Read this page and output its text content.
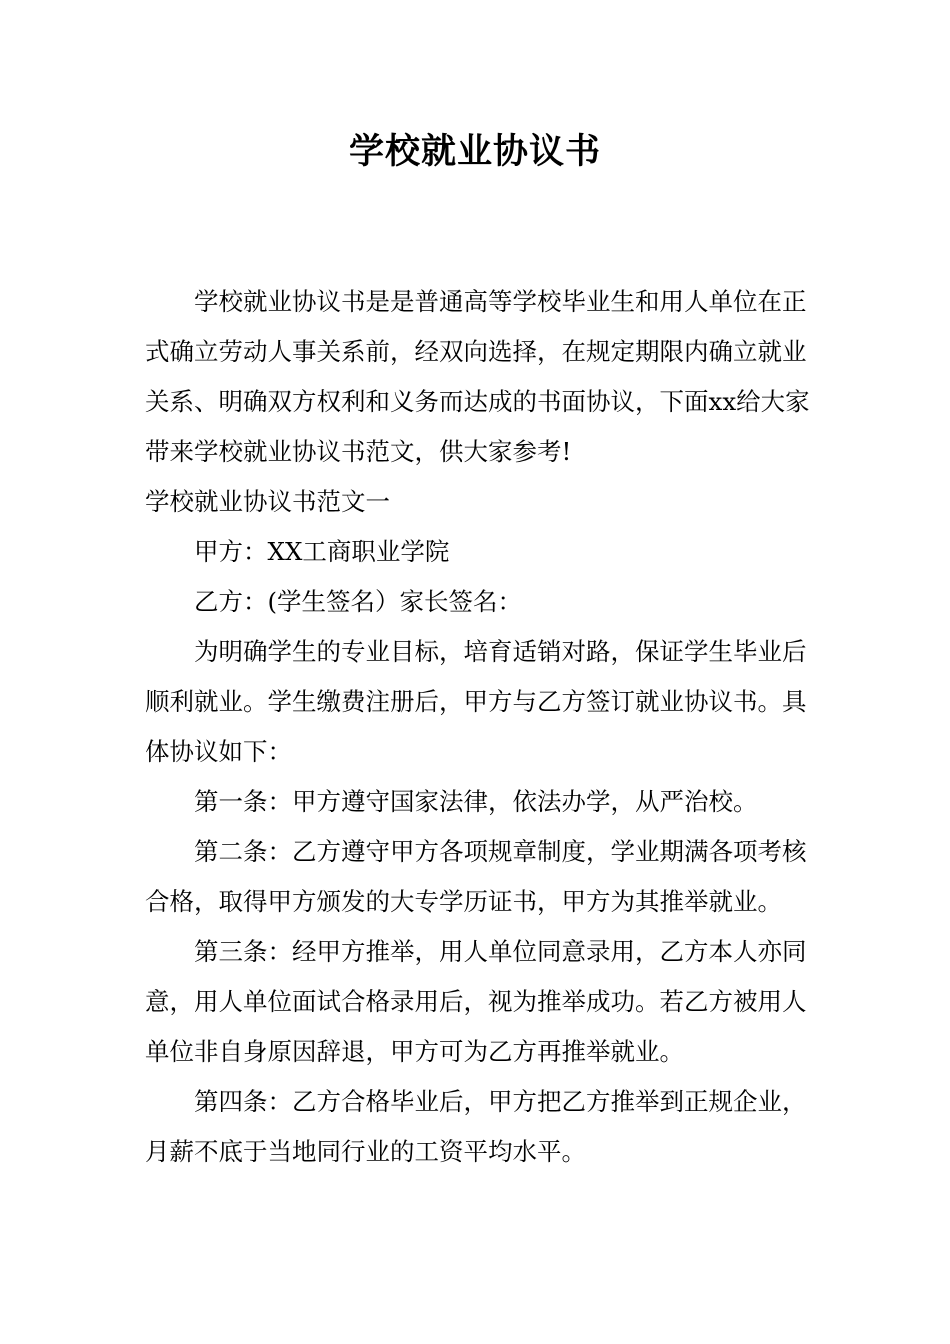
学校就业协议书

学校就业协议书是是普通高等学校毕业生和用人单位在正式确立劳动人事关系前，经双向选择，在规定期限内确立就业关系、明确双方权利和义务而达成的书面协议，下面xx给大家带来学校就业协议书范文，供大家参考!

学校就业协议书范文一

甲方：XX工商职业学院

乙方：(学生签名）家长签名：

为明确学生的专业目标，培育适销对路，保证学生毕业后顺利就业。学生缴费注册后，甲方与乙方签订就业协议书。具体协议如下：

第一条：甲方遵守国家法律，依法办学，从严治校。

第二条：乙方遵守甲方各项规章制度，学业期满各项考核合格，取得甲方颁发的大专学历证书，甲方为其推举就业。

第三条：经甲方推举，用人单位同意录用，乙方本人亦同意，用人单位面试合格录用后，视为推举成功。若乙方被用人单位非自身原因辞退，甲方可为乙方再推举就业。

第四条：乙方合格毕业后，甲方把乙方推举到正规企业，月薪不底于当地同行业的工资平均水平。
